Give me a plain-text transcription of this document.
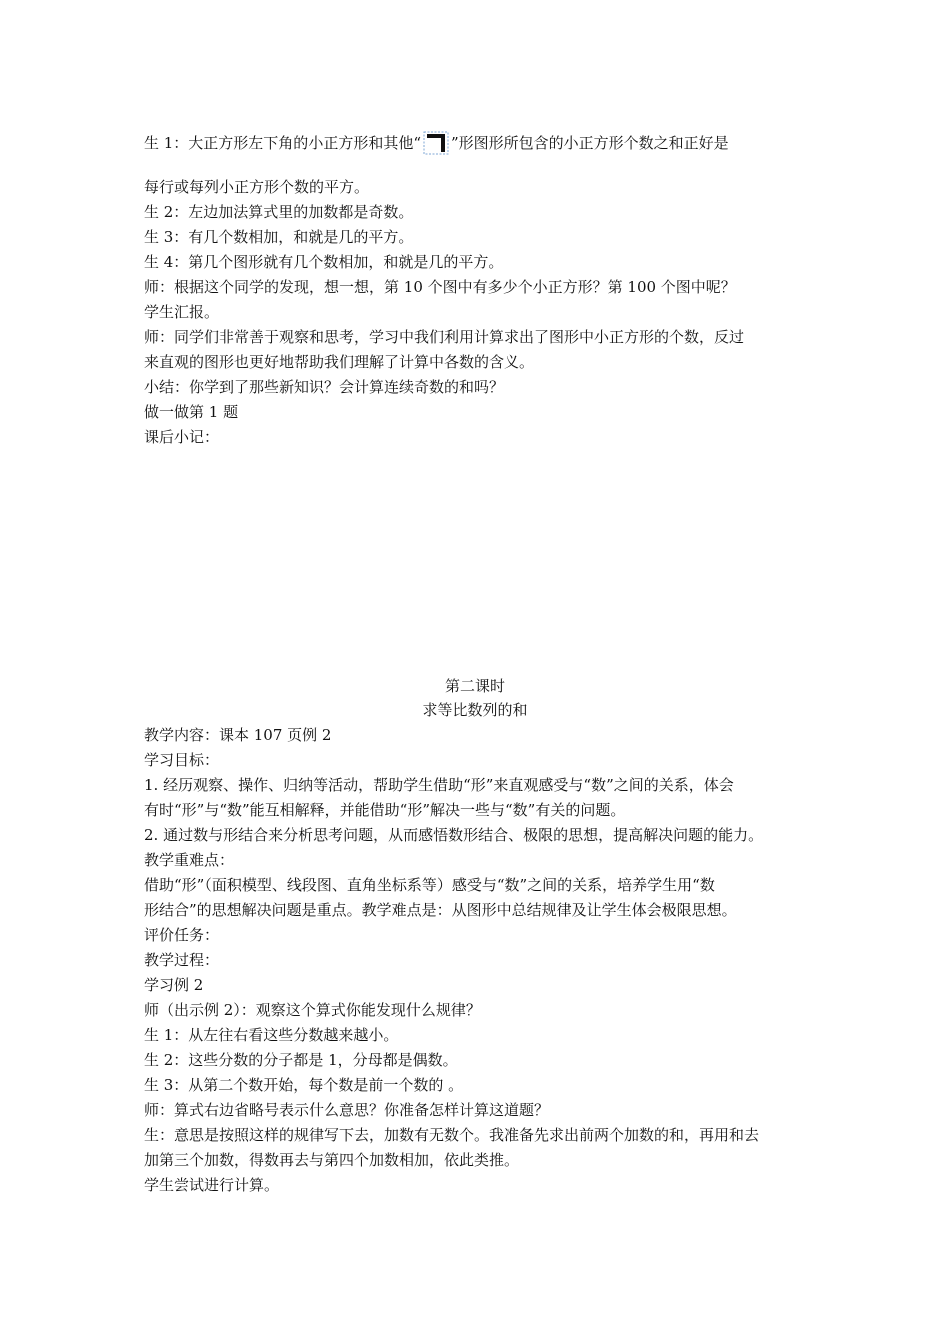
生 1：大正方形左下角的小正方形和其他“ ”形图形所包含的小正方形个数之和正好是
每行或每列小正方形个数的平方。
生 2：左边加法算式里的加数都是奇数。
生 3：有几个数相加，和就是几的平方。
生 4：第几个图形就有几个数相加，和就是几的平方。
师：根据这个同学的发现，想一想，第 10 个图中有多少个小正方形？第 100 个图中呢？
学生汇报。
师：同学们非常善于观察和思考，学习中我们利用计算求出了图形中小正方形的个数，反过
来直观的图形也更好地帮助我们理解了计算中各数的含义。
小结：你学到了那些新知识？会计算连续奇数的和吗？
做一做第 1 题
课后小记：
第二课时
求等比数列的和
教学内容：课本 107 页例 2
学习目标：
1. 经历观察、操作、归纳等活动，帮助学生借助“形”来直观感受与“数”之间的关系，体会
有时“形”与“数”能互相解释，并能借助“形”解决一些与“数”有关的问题。
2. 通过数与形结合来分析思考问题，从而感悟数形结合、极限的思想，提高解决问题的能力。
教学重难点：
借助“形”（面积模型、线段图、直角坐标系等）感受与“数”之间的关系，培养学生用“数
形结合”的思想解决问题是重点。教学难点是：从图形中总结规律及让学生体会极限思想。
评价任务：
教学过程：
学习例 2
师（出示例 2）：观察这个算式你能发现什么规律？
生 1：从左往右看这些分数越来越小。
生 2：这些分数的分子都是 1，分母都是偶数。
生 3：从第二个数开始，每个数是前一个数的 。
师：算式右边省略号表示什么意思？你准备怎样计算这道题？
生：意思是按照这样的规律写下去，加数有无数个。我准备先求出前两个加数的和，再用和去
加第三个加数，得数再去与第四个加数相加，依此类推。
学生尝试进行计算。
